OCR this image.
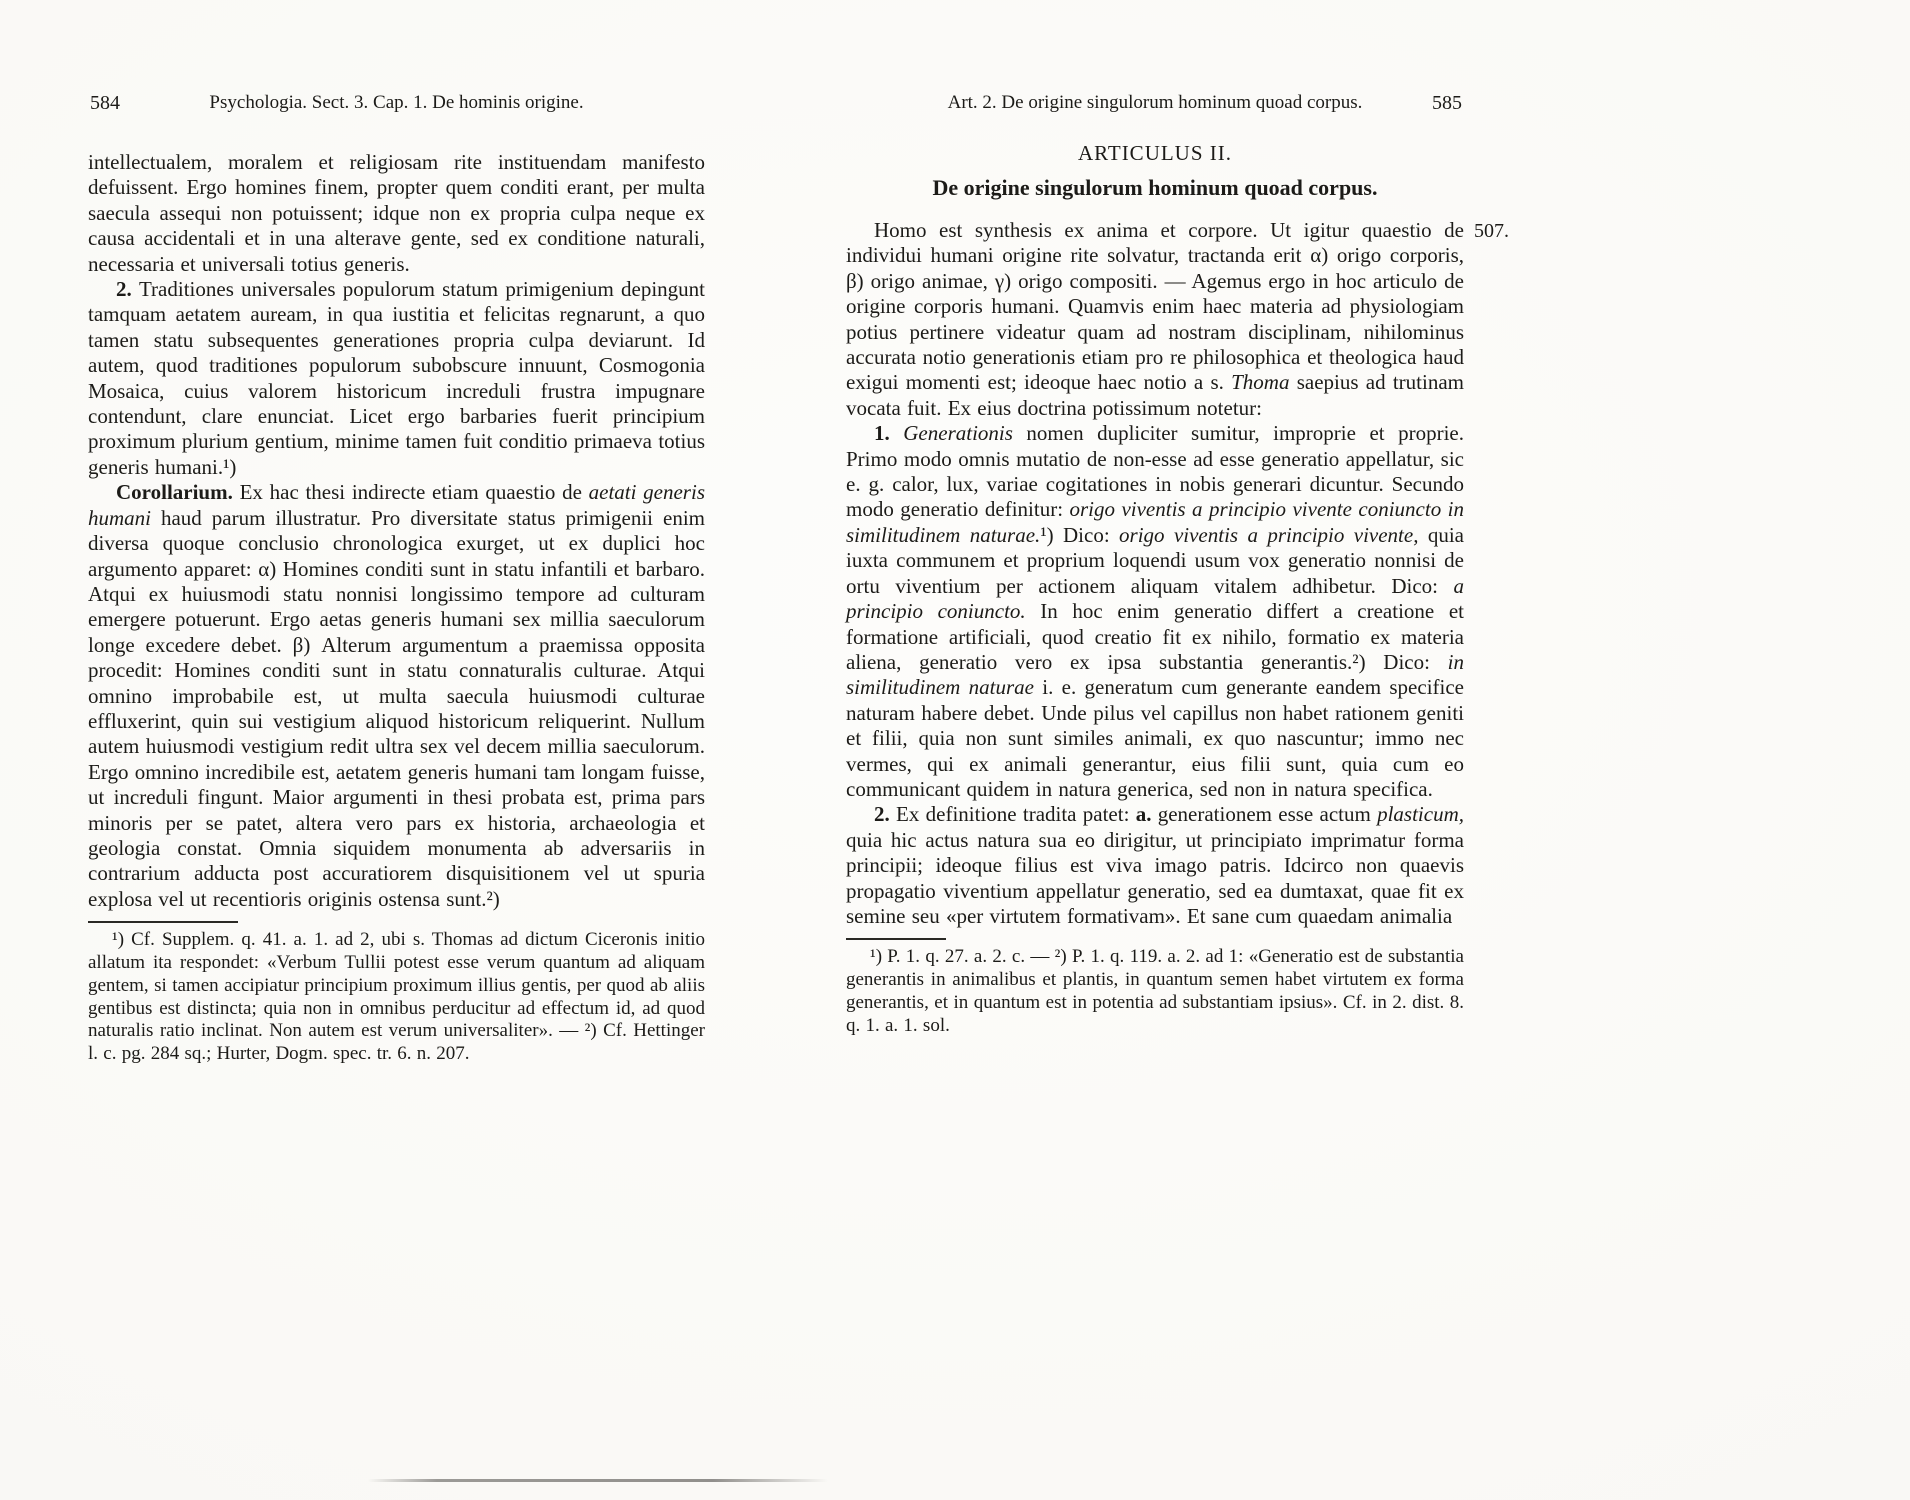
584	Psychologia. Sect. 3. Cap. 1. De hominis origine.

intellectualem, moralem et religiosam rite instituendam manifesto defuissent. Ergo homines finem, propter quem conditi erant, per multa saecula assequi non potuissent; idque non ex propria culpa neque ex causa accidentali et in una alterave gente, sed ex conditione naturali, necessaria et universali totius generis.

2. Traditiones universales populorum statum primigenium depingunt tamquam aetatem auream, in qua iustitia et felicitas regnarunt, a quo tamen statu subsequentes generationes propria culpa deviarunt. Id autem, quod traditiones populorum subobscure innuunt, Cosmogonia Mosaica, cuius valorem historicum increduli frustra impugnare contendunt, clare enunciat. Licet ergo barbaries fuerit principium proximum plurium gentium, minime tamen fuit conditio primaeva totius generis humani.¹)

Corollarium. Ex hac thesi indirecte etiam quaestio de aetati generis humani haud parum illustratur. Pro diversitate status primigenii enim diversa quoque conclusio chronologica exurget, ut ex duplici hoc argumento apparet: α) Homines conditi sunt in statu infantili et barbaro. Atqui ex huiusmodi statu nonnisi longissimo tempore ad culturam emergere potuerunt. Ergo aetas generis humani sex millia saeculorum longe excedere debet. β) Alterum argumentum a praemissa opposita procedit: Homines conditi sunt in statu connaturalis culturae. Atqui omnino improbabile est, ut multa saecula huiusmodi culturae effluxerint, quin sui vestigium aliquod historicum reliquerint. Nullum autem huiusmodi vestigium redit ultra sex vel decem millia saeculorum. Ergo omnino incredibile est, aetatem generis humani tam longam fuisse, ut increduli fingunt. Maior argumenti in thesi probata est, prima pars minoris per se patet, altera vero pars ex historia, archaeologia et geologia constat. Omnia siquidem monumenta ab adversariis in contrarium adducta post accuratiorem disquisitionem vel ut spuria explosa vel ut recentioris originis ostensa sunt.²)

¹) Cf. Supplem. q. 41. a. 1. ad 2, ubi s. Thomas ad dictum Ciceronis initio allatum ita respondet: «Verbum Tullii potest esse verum quantum ad aliquam gentem, si tamen accipiatur principium proximum illius gentis, per quod ab aliis gentibus est distincta; quia non in omnibus perducitur ad effectum id, ad quod naturalis ratio inclinat. Non autem est verum universaliter». — ²) Cf. Hettinger l. c. pg. 284 sq.; Hurter, Dogm. spec. tr. 6. n. 207.

Art. 2. De origine singulorum hominum quoad corpus.	585
ARTICULUS II.
De origine singulorum hominum quoad corpus.
507.

Homo est synthesis ex anima et corpore. Ut igitur quaestio de individui humani origine rite solvatur, tractanda erit α) origo corporis, β) origo animae, γ) origo compositi. — Agemus ergo in hoc articulo de origine corporis humani. Quamvis enim haec materia ad physiologiam potius pertinere videatur quam ad nostram disciplinam, nihilominus accurata notio generationis etiam pro re philosophica et theologica haud exigui momenti est; ideoque haec notio a s. Thoma saepius ad trutinam vocata fuit. Ex eius doctrina potissimum notetur:

1. Generationis nomen dupliciter sumitur, improprie et proprie. Primo modo omnis mutatio de non-esse ad esse generatio appellatur, sic e. g. calor, lux, variae cogitationes in nobis generari dicuntur. Secundo modo generatio definitur: origo viventis a principio vivente coniuncto in similitudinem naturae.¹) Dico: origo viventis a principio vivente, quia iuxta communem et proprium loquendi usum vox generatio nonnisi de ortu viventium per actionem aliquam vitalem adhibetur. Dico: a principio coniuncto. In hoc enim generatio differt a creatione et formatione artificiali, quod creatio fit ex nihilo, formatio ex materia aliena, generatio vero ex ipsa substantia generantis.²) Dico: in similitudinem naturae i. e. generatum cum generante eandem specifice naturam habere debet. Unde pilus vel capillus non habet rationem geniti et filii, quia non sunt similes animali, ex quo nascuntur; immo nec vermes, qui ex animali generantur, eius filii sunt, quia cum eo communicant quidem in natura generica, sed non in natura specifica.

2. Ex definitione tradita patet: a. generationem esse actum plasticum, quia hic actus natura sua eo dirigitur, ut principiato imprimatur forma principii; ideoque filius est viva imago patris. Idcirco non quaevis propagatio viventium appellatur generatio, sed ea dumtaxat, quae fit ex semine seu «per virtutem formativam». Et sane cum quaedam animalia

¹) P. 1. q. 27. a. 2. c. — ²) P. 1. q. 119. a. 2. ad 1: «Generatio est de substantia generantis in animalibus et plantis, in quantum semen habet virtutem ex forma generantis, et in quantum est in potentia ad substantiam ipsius». Cf. in 2. dist. 8. q. 1. a. 1. sol.
